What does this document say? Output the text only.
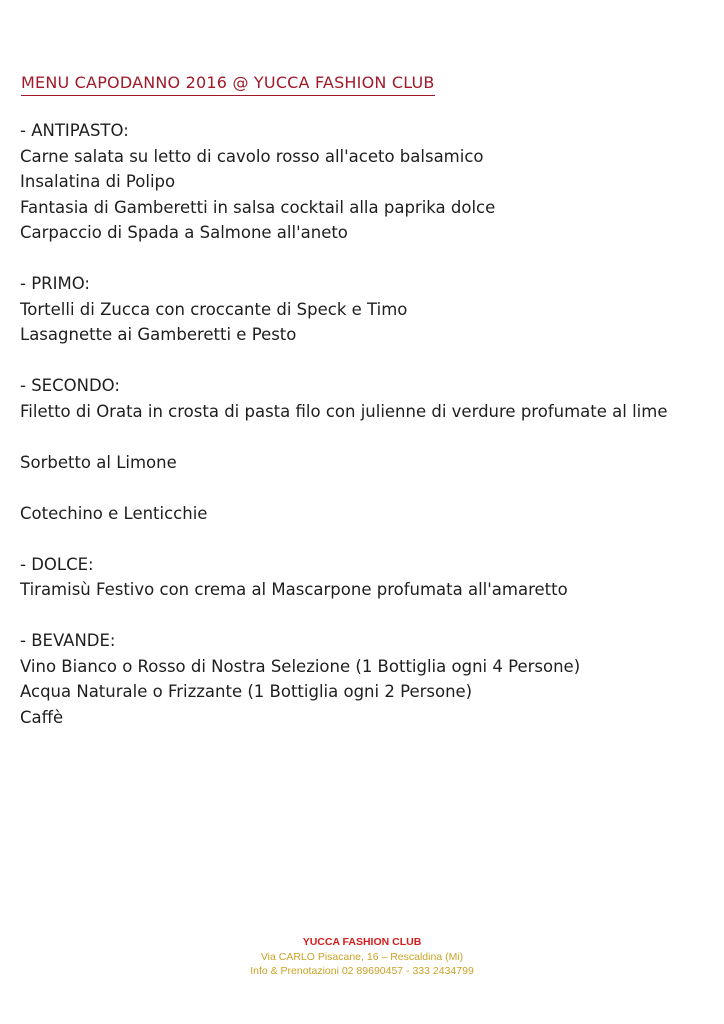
MENU CAPODANNO 2016 @ YUCCA FASHION CLUB
- ANTIPASTO:
Carne salata su letto di cavolo rosso all'aceto balsamico
Insalatina di Polipo
Fantasia di Gamberetti in salsa cocktail alla paprika dolce
Carpaccio di Spada a Salmone all'aneto
- PRIMO:
Tortelli di Zucca con croccante di Speck e Timo
Lasagnette ai Gamberetti e Pesto
- SECONDO:
Filetto di Orata in crosta di pasta filo con julienne di verdure profumate al lime
Sorbetto al Limone
Cotechino e Lenticchie
- DOLCE:
Tiramisù Festivo con crema al Mascarpone profumata all'amaretto
- BEVANDE:
Vino Bianco o Rosso di Nostra Selezione (1 Bottiglia ogni 4 Persone)
Acqua Naturale o Frizzante (1 Bottiglia ogni 2 Persone)
Caffè
YUCCA FASHION CLUB
Via CARLO Pisacane, 16 – Rescaldina (Mi)
Info & Prenotazioni 02 89690457 - 333 2434799
